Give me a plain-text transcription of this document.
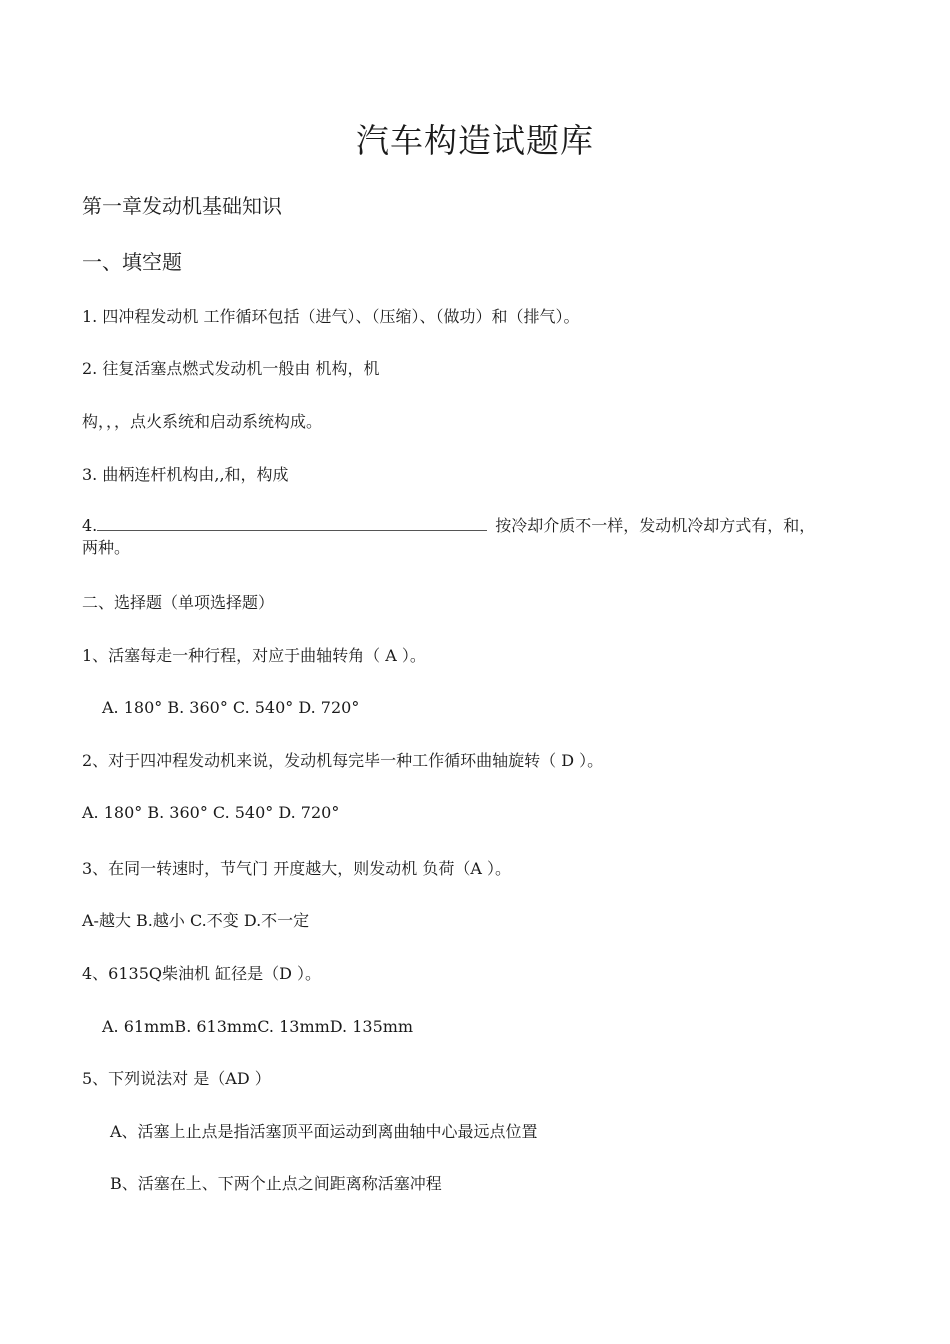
汽车构造试题库
第一章发动机基础知识
一、填空题
1. 四冲程发动机 工作循环包括（进气）、（压缩）、（做功）和（排气）。
2. 往复活塞点燃式发动机一般由 机构，机
构，，，点火系统和启动系统构成。
3. 曲柄连杆机构由,,和，构成
4.	按冷却介质不一样，发动机冷却方式有，和，
两种。
二、选择题（单项选择题）
1、活塞每走一种行程，对应于曲轴转角（ A ）。
A. 180° B. 360° C. 540° D. 720°
2、对于四冲程发动机来说，发动机每完毕一种工作循环曲轴旋转（ D ）。
A. 180° B. 360° C. 540° D. 720°
3、在同一转速时，节气门 开度越大，则发动机 负荷（A ）。
A-越大 B.越小 C.不变 D.不一定
4、6135Q柴油机 缸径是（D ）。
A. 61mmB. 613mmC. 13mmD. 135mm
5、下列说法对 是（AD ）
A、活塞上止点是指活塞顶平面运动到离曲轴中心最远点位置
B、活塞在上、下两个止点之间距离称活塞冲程
